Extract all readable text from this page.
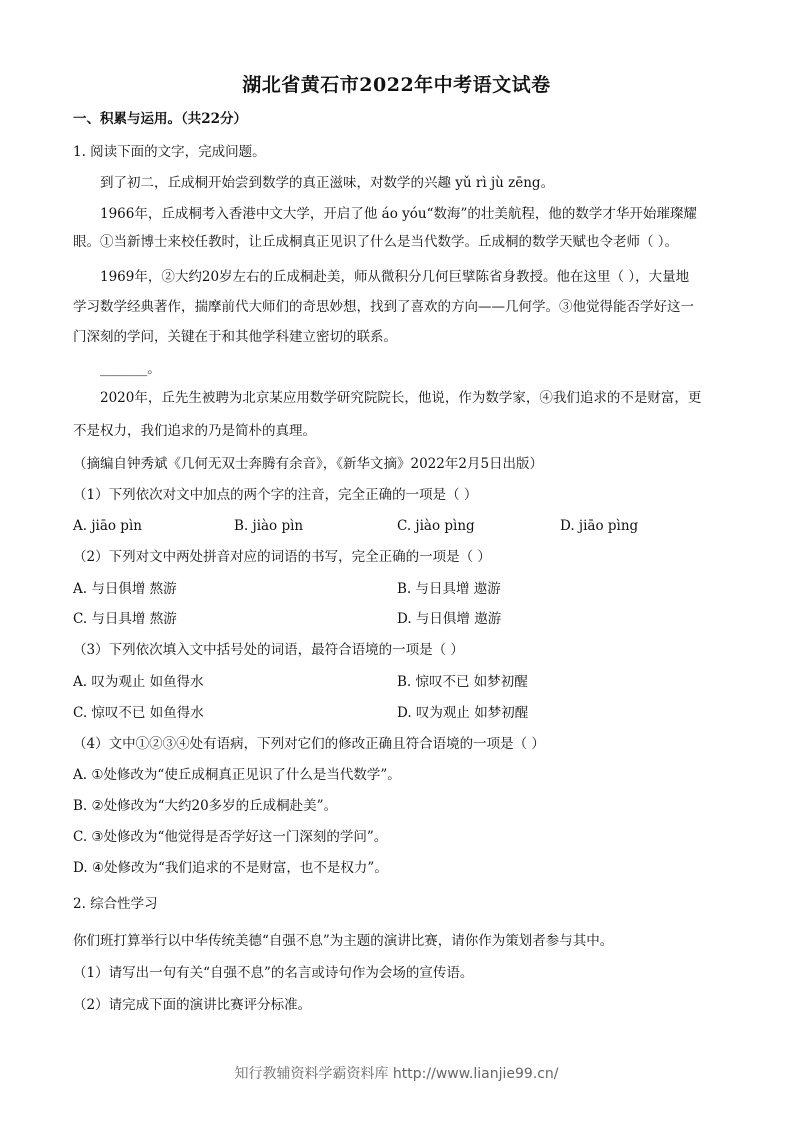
湖北省黄石市2022年中考语文试卷
一、积累与运用。（共22分）
1. 阅读下面的文字，完成问题。
到了初二，丘成桐开始尝到数学的真正滋味，对数学的兴趣 yǔ rì jù zēng。
1966年，丘成桐考入香港中文大学，开启了他 áo yóu“数海”的壮美航程，他的数学才华开始璀璨耀
眼。①当新博士来校任教时，让丘成桐真正见识了什么是当代数学。丘成桐的数学天赋也令老师（ ）。
1969年，②大约20岁左右的丘成桐赴美，师从微积分几何巨擘陈省身教授。他在这里（ ），大量地
学习数学经典著作，揣摩前代大师们的奇思妙想，找到了喜欢的方向——几何学。③他觉得能否学好这一
门深刻的学问，关键在于和其他学科建立密切的联系。
_______。
2020年，丘先生被聘为北京某应用数学研究院院长，他说，作为数学家，④我们追求的不是财富，更
不是权力，我们追求的乃是简朴的真理。
（摘编自钟秀斌《几何无双士奔腾有余音》，《新华文摘》2022年2月5日出版）
（1）下列依次对文中加点的两个字的注音，完全正确的一项是（ ）
A. jiāo pìn	B. jiào pìn	C. jiào pìng	D. jiāo pìng
（2）下列对文中两处拼音对应的词语的书写，完全正确的一项是（ ）
A. 与日俱增 熬游	B. 与日具增 遨游
C. 与日具增 熬游	D. 与日俱增 遨游
（3）下列依次填入文中括号处的词语，最符合语境的一项是（ ）
A. 叹为观止 如鱼得水	B. 惊叹不已 如梦初醒
C. 惊叹不已 如鱼得水	D. 叹为观止 如梦初醒
（4）文中①②③④处有语病，下列对它们的修改正确且符合语境的一项是（ ）
A. ①处修改为“使丘成桐真正见识了什么是当代数学”。
B. ②处修改为“大约20多岁的丘成桐赴美”。
C. ③处修改为“他觉得是否学好这一门深刻的学问”。
D. ④处修改为“我们追求的不是财富，也不是权力”。
2. 综合性学习
你们班打算举行以中华传统美德“自强不息”为主题的演讲比赛，请你作为策划者参与其中。
（1）请写出一句有关“自强不息”的名言或诗句作为会场的宣传语。
（2）请完成下面的演讲比赛评分标准。
知行教辅资料学霸资料库 http://www.lianjie99.cn/
